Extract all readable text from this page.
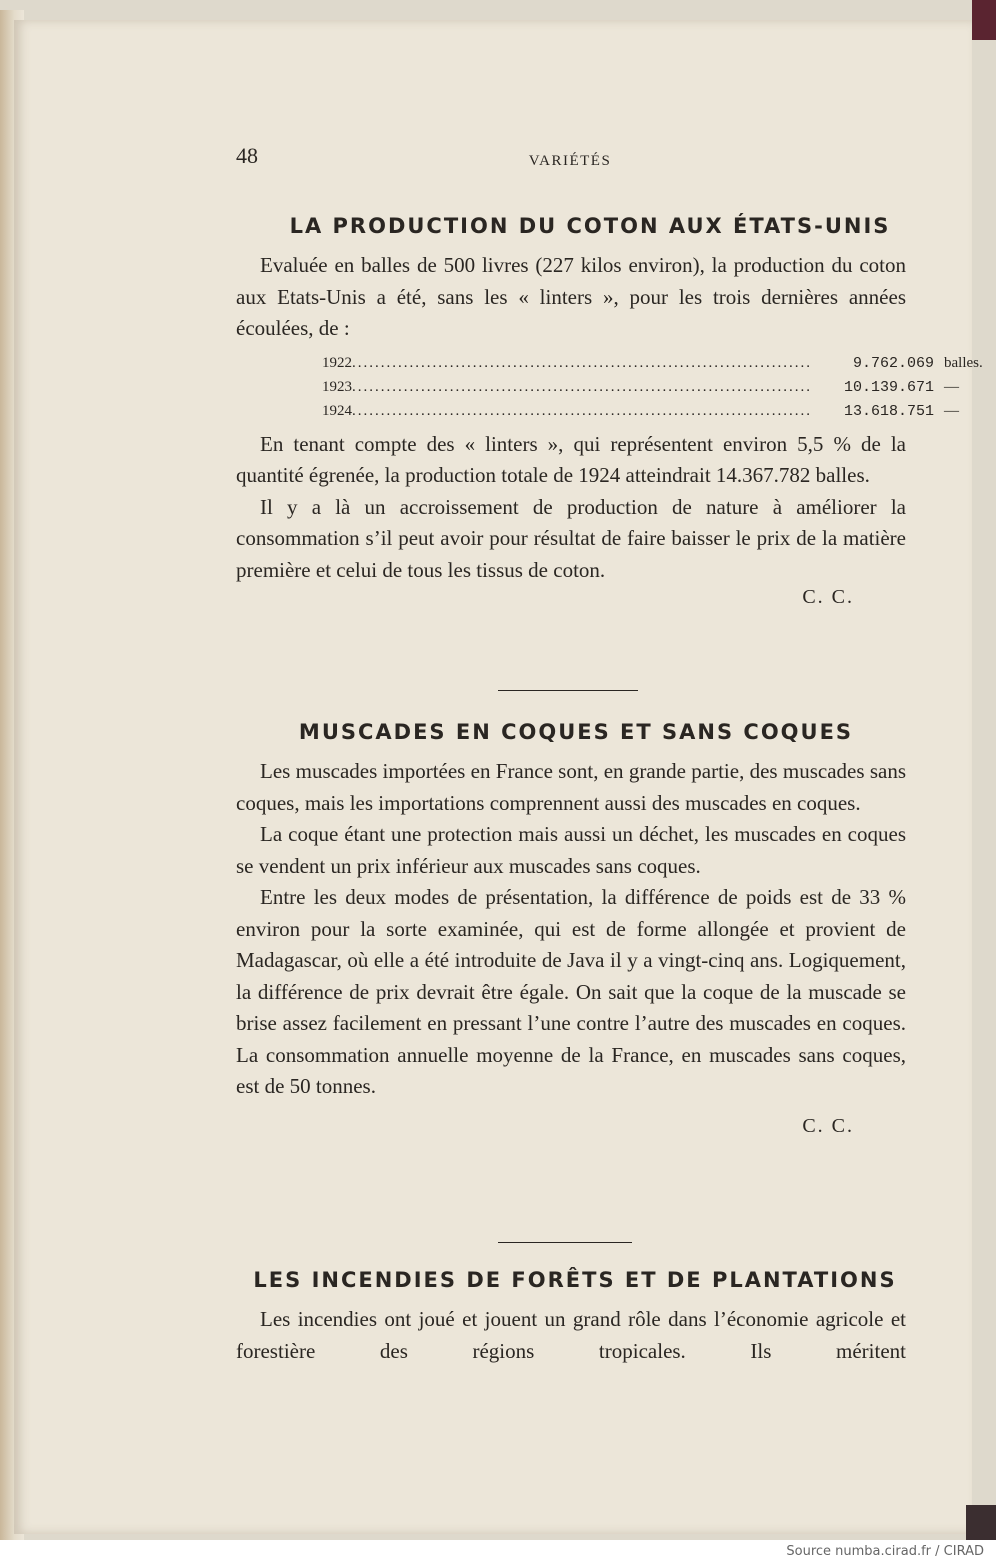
48	VARIÉTÉS
LA PRODUCTION DU COTON AUX ÉTATS-UNIS

Evaluée en balles de 500 livres (227 kilos environ), la production du coton aux Etats-Unis a été, sans les « linters », pour les trois dernières années écoulées, de :

1922 ................................................................................	9.762.069 balles.
1923 ................................................................................	10.139.671 —
1924 ................................................................................	13.618.751 —

En tenant compte des « linters », qui représentent environ 5,5 % de la quantité égrenée, la production totale de 1924 atteindrait 14.367.782 balles.

Il y a là un accroissement de production de nature à améliorer la consommation s’il peut avoir pour résultat de faire baisser le prix de la matière première et celui de tous les tissus de coton.

C. C.

MUSCADES EN COQUES ET SANS COQUES

Les muscades importées en France sont, en grande partie, des muscades sans coques, mais les importations comprennent aussi des muscades en coques.

La coque étant une protection mais aussi un déchet, les muscades en coques se vendent un prix inférieur aux muscades sans coques.

Entre les deux modes de présentation, la différence de poids est de 33 % environ pour la sorte examinée, qui est de forme allongée et provient de Madagascar, où elle a été introduite de Java il y a vingt-cinq ans. Logiquement, la différence de prix devrait être égale. On sait que la coque de la muscade se brise assez facilement en pressant l’une contre l’autre des muscades en coques. La consommation annuelle moyenne de la France, en muscades sans coques, est de 50 tonnes.

C. C.

LES INCENDIES DE FORÊTS ET DE PLANTATIONS

Les incendies ont joué et jouent un grand rôle dans l’économie agricole et forestière des régions tropicales. Ils méritent

Source numba.cirad.fr / CIRAD
